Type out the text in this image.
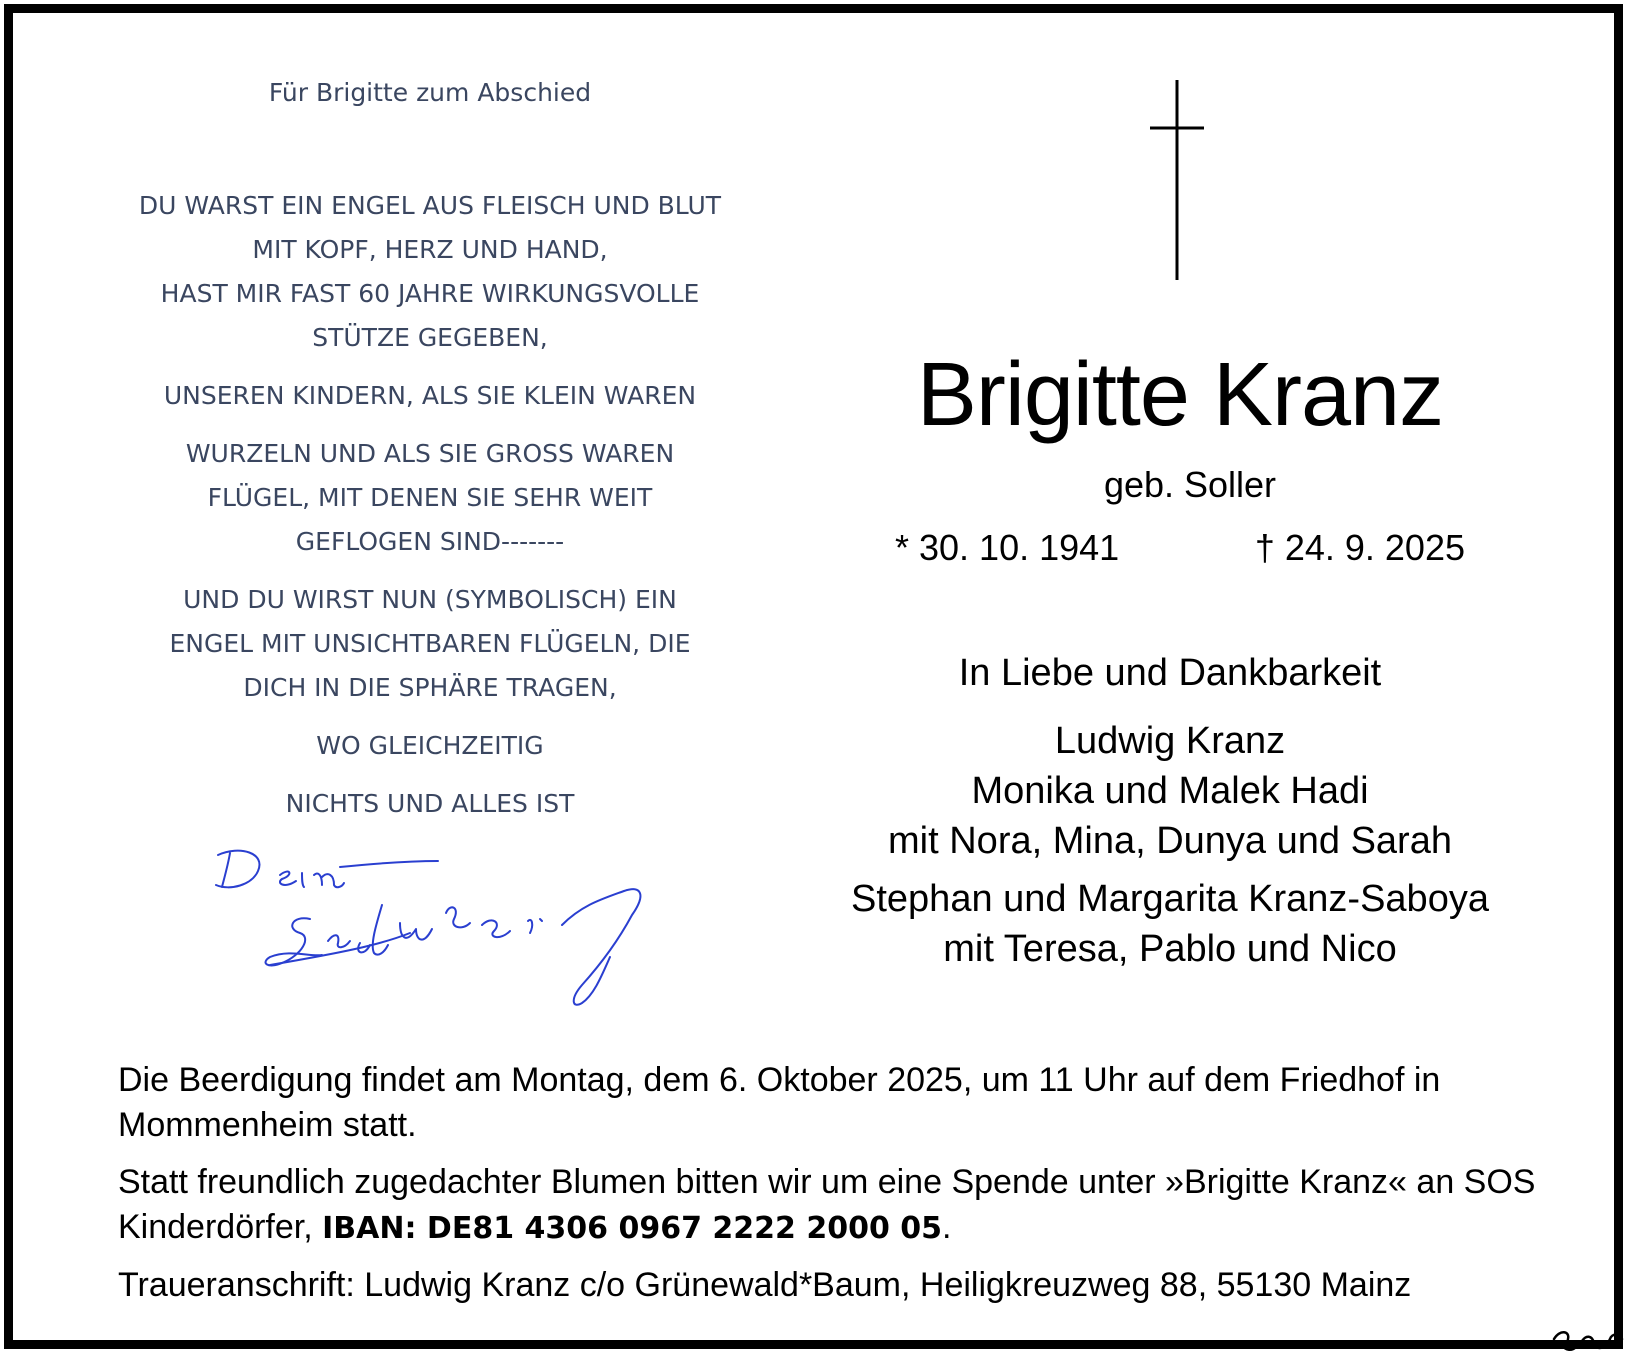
Für Brigitte zum Abschied

DU WARST EIN ENGEL AUS FLEISCH UND BLUT

MIT KOPF, HERZ UND HAND,

HAST MIR FAST 60 JAHRE WIRKUNGSVOLLE

STÜTZE GEGEBEN,

UNSEREN KINDERN, ALS SIE KLEIN WAREN

WURZELN UND ALS SIE GROSS WAREN

FLÜGEL, MIT DENEN SIE SEHR WEIT

GEFLOGEN SIND-------

UND DU WIRST NUN (SYMBOLISCH) EIN

ENGEL MIT UNSICHTBAREN FLÜGELN, DIE

DICH IN DIE SPHÄRE TRAGEN,

WO GLEICHZEITIG

NICHTS UND ALLES IST

Brigitte Kranz
geb. Soller
* 30. 10. 1941	† 24. 9. 2025

In Liebe und Dankbarkeit

Ludwig Kranz

Monika und Malek Hadi

mit Nora, Mina, Dunya und Sarah

Stephan und Margarita Kranz-Saboya

mit Teresa, Pablo und Nico

Die Beerdigung findet am Montag, dem 6. Oktober 2025, um 11 Uhr auf dem Friedhof in Mommenheim statt.

Statt freundlich zugedachter Blumen bitten wir um eine Spende unter »Brigitte Kranz« an SOS Kinderdörfer, IBAN: DE81 4306 0967 2222 2000 05.

Traueranschrift: Ludwig Kranz c/o Grünewald*Baum, Heiligkreuzweg 88, 55130 Mainz
